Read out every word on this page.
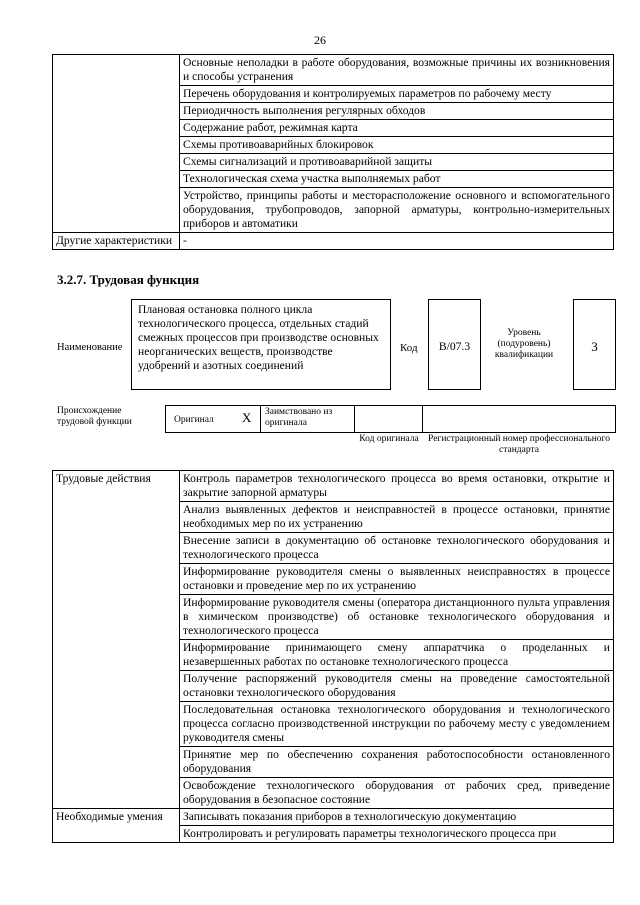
26
	Основные неполадки в работе оборудования, возможные причины их возникновения и способы устранения
	Перечень оборудования и контролируемых параметров по рабочему месту
	Периодичность выполнения регулярных обходов
	Содержание работ, режимная карта
	Схемы противоаварийных блокировок
	Схемы сигнализаций и противоаварийной защиты
	Технологическая схема участка выполняемых работ
	Устройство, принципы работы и месторасположение основного и вспомогательного оборудования, трубопроводов, запорной арматуры, контрольно-измерительных приборов и автоматики
Другие характеристики	-
3.2.7. Трудовая функция
Наименование
Плановая остановка полного цикла технологического процесса, отдельных стадий смежных процессов при производстве основных неорганических веществ, производстве удобрений и азотных соединений
Код	В/07.3
Уровень (подуровень) квалификации
3
Происхождение трудовой функции	Оригинал Х	Заимствовано из оригинала
Код оригинала Регистрационный номер профессионального стандарта
Трудовые действия	Контроль параметров технологического процесса во время остановки, открытие и закрытие запорной арматуры
	Анализ выявленных дефектов и неисправностей в процессе остановки, принятие необходимых мер по их устранению
	Внесение записи в документацию об остановке технологического оборудования и технологического процесса
	Информирование руководителя смены о выявленных неисправностях в процессе остановки и проведение мер по их устранению
	Информирование руководителя смены (оператора дистанционного пульта управления в химическом производстве) об остановке технологического оборудования и технологического процесса
	Информирование принимающего смену аппаратчика о проделанных и незавершенных работах по остановке технологического процесса
	Получение распоряжений руководителя смены на проведение самостоятельной остановки технологического оборудования
	Последовательная остановка технологического оборудования и технологического процесса согласно производственной инструкции по рабочему месту с уведомлением руководителя смены
	Принятие мер по обеспечению сохранения работоспособности остановленного оборудования
	Освобождение технологического оборудования от рабочих сред, приведение оборудования в безопасное состояние
Необходимые умения	Записывать показания приборов в технологическую документацию
	Контролировать и регулировать параметры технологического процесса при
